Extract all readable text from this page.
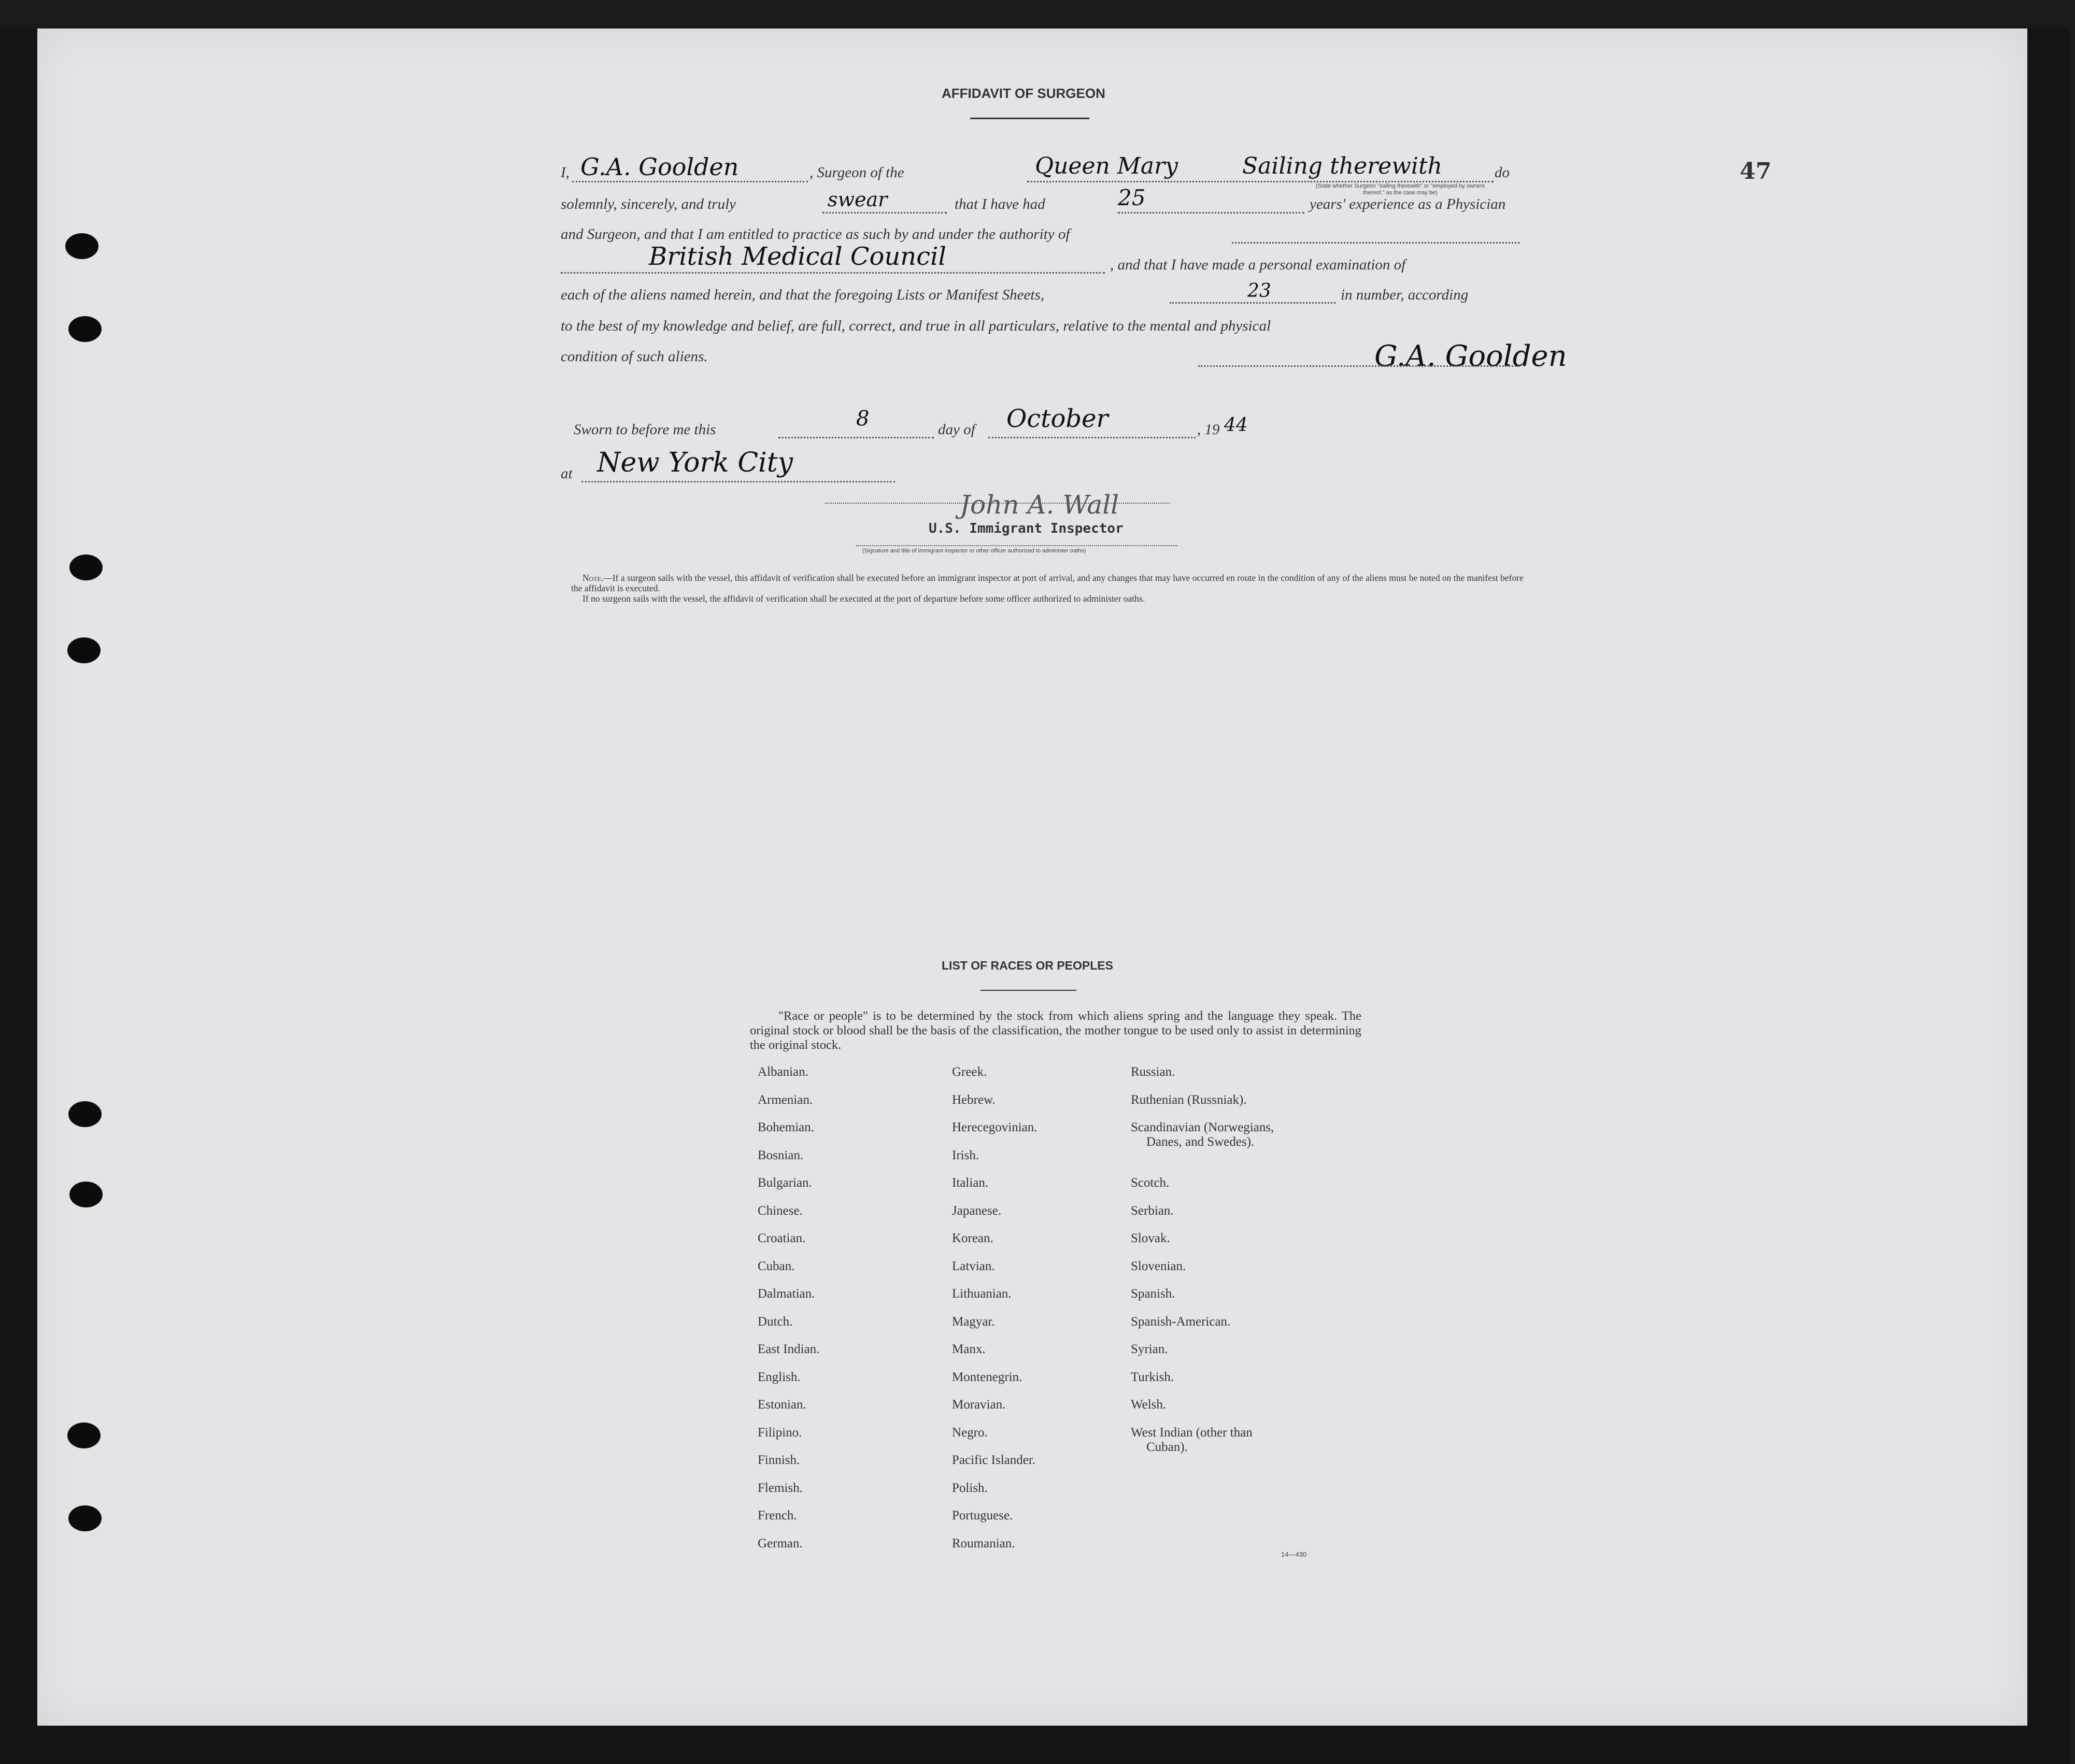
47
AFFIDAVIT OF SURGEON
I, G.A. Goolden	, Surgeon of the	Queen Mary	Sailing therewith	do
(State whether Surgeon "sailing therewith" or "employed by owners thereof," as the case may be)
solemnly, sincerely, and truly	swear	that I have had	25	years' experience as a Physician
and Surgeon, and that I am entitled to practice as such by and under the authority of
British Medical Council	, and that I have made a personal examination of
each of the aliens named herein, and that the foregoing Lists or Manifest Sheets,	23	in number, according
to the best of my knowledge and belief, are full, correct, and true in all particulars, relative to the mental and physical
condition of such aliens.	G.A. Goolden
Sworn to before me this	8	day of October	, 19 44
at New York City
John A. Wall
U.S. Immigrant Inspector
(Signature and title of immigrant inspector or other officer authorized to administer oaths)
Note.—If a surgeon sails with the vessel, this affidavit of verification shall be executed before an immigrant inspector at port of arrival, and any changes that may have occurred en route in the condition of any of the aliens must be noted on the manifest before the affidavit is executed.
If no surgeon sails with the vessel, the affidavit of verification shall be executed at the port of departure before some officer authorized to administer oaths.
LIST OF RACES OR PEOPLES
"Race or people" is to be determined by the stock from which aliens spring and the language they speak. The original stock or blood shall be the basis of the classification, the mother tongue to be used only to assist in determining the original stock.
Albanian.
Armenian.
Bohemian.
Bosnian.
Bulgarian.
Chinese.
Croatian.
Cuban.
Dalmatian.
Dutch.
East Indian.
English.
Estonian.
Filipino.
Finnish.
Flemish.
French.
German.
Greek.
Hebrew.
Herecegovinian.
Irish.
Italian.
Japanese.
Korean.
Latvian.
Lithuanian.
Magyar.
Manx.
Montenegrin.
Moravian.
Negro.
Pacific Islander.
Polish.
Portuguese.
Roumanian.
Russian.
Ruthenian (Russniak).
Scandinavian (Norwegians,
Danes, and Swedes).
Scotch.
Serbian.
Slovak.
Slovenian.
Spanish.
Spanish-American.
Syrian.
Turkish.
Welsh.
West Indian (other than
Cuban).
14—430
